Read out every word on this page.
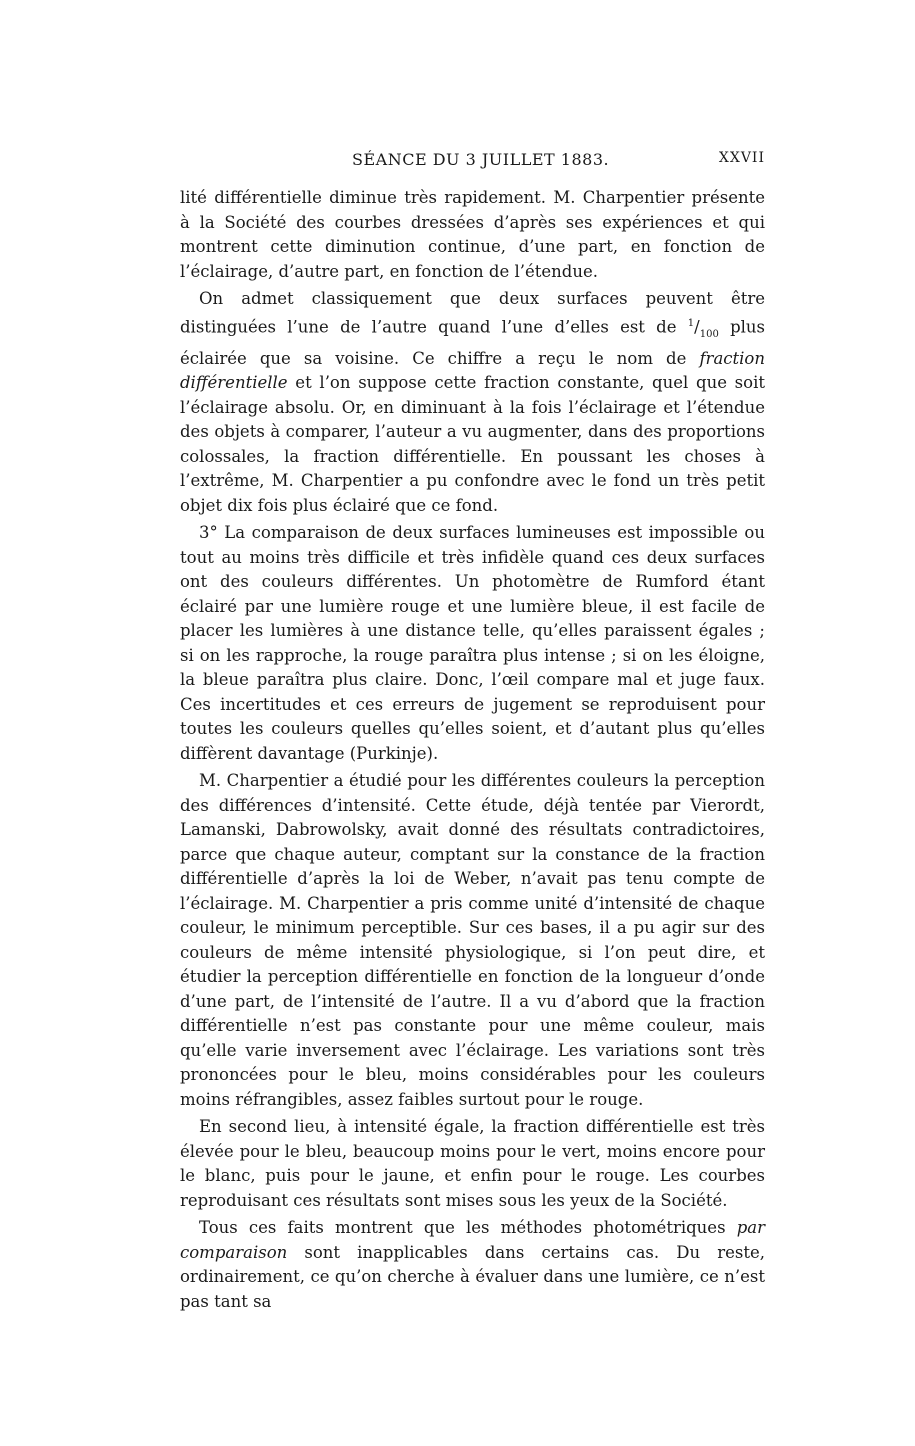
SÉANCE DU 3 JUILLET 1883.	XXVII

lité différentielle diminue très rapidement. M. Charpentier présente à la Société des courbes dressées d’après ses expériences et qui montrent cette diminution continue, d’une part, en fonction de l’éclairage, d’autre part, en fonction de l’étendue.

On admet classiquement que deux surfaces peuvent être distinguées l’une de l’autre quand l’une d’elles est de $^1/_{100}$ plus éclairée que sa voisine. Ce chiffre a reçu le nom de fraction différentielle et l’on suppose cette fraction constante, quel que soit l’éclairage absolu. Or, en diminuant à la fois l’éclairage et l’étendue des objets à comparer, l’auteur a vu augmenter, dans des proportions colossales, la fraction différentielle. En poussant les choses à l’extrême, M. Charpentier a pu confondre avec le fond un très petit objet dix fois plus éclairé que ce fond.

3° La comparaison de deux surfaces lumineuses est impossible ou tout au moins très difficile et très infidèle quand ces deux surfaces ont des couleurs différentes. Un photomètre de Rumford étant éclairé par une lumière rouge et une lumière bleue, il est facile de placer les lumières à une distance telle, qu’elles paraissent égales ; si on les rapproche, la rouge paraîtra plus intense ; si on les éloigne, la bleue paraîtra plus claire. Donc, l’œil compare mal et juge faux. Ces incertitudes et ces erreurs de jugement se reproduisent pour toutes les couleurs quelles qu’elles soient, et d’autant plus qu’elles diffèrent davantage (Purkinje).

M. Charpentier a étudié pour les différentes couleurs la perception des différences d’intensité. Cette étude, déjà tentée par Vierordt, Lamanski, Dabrowolsky, avait donné des résultats contradictoires, parce que chaque auteur, comptant sur la constance de la fraction différentielle d’après la loi de Weber, n’avait pas tenu compte de l’éclairage. M. Charpentier a pris comme unité d’intensité de chaque couleur, le minimum perceptible. Sur ces bases, il a pu agir sur des couleurs de même intensité physiologique, si l’on peut dire, et étudier la perception différentielle en fonction de la longueur d’onde d’une part, de l’intensité de l’autre. Il a vu d’abord que la fraction différentielle n’est pas constante pour une même couleur, mais qu’elle varie inversement avec l’éclairage. Les variations sont très prononcées pour le bleu, moins considérables pour les couleurs moins réfrangibles, assez faibles surtout pour le rouge.

En second lieu, à intensité égale, la fraction différentielle est très élevée pour le bleu, beaucoup moins pour le vert, moins encore pour le blanc, puis pour le jaune, et enfin pour le rouge. Les courbes reproduisant ces résultats sont mises sous les yeux de la Société.

Tous ces faits montrent que les méthodes photométriques par comparaison sont inapplicables dans certains cas. Du reste, ordinairement, ce qu’on cherche à évaluer dans une lumière, ce n’est pas tant sa
